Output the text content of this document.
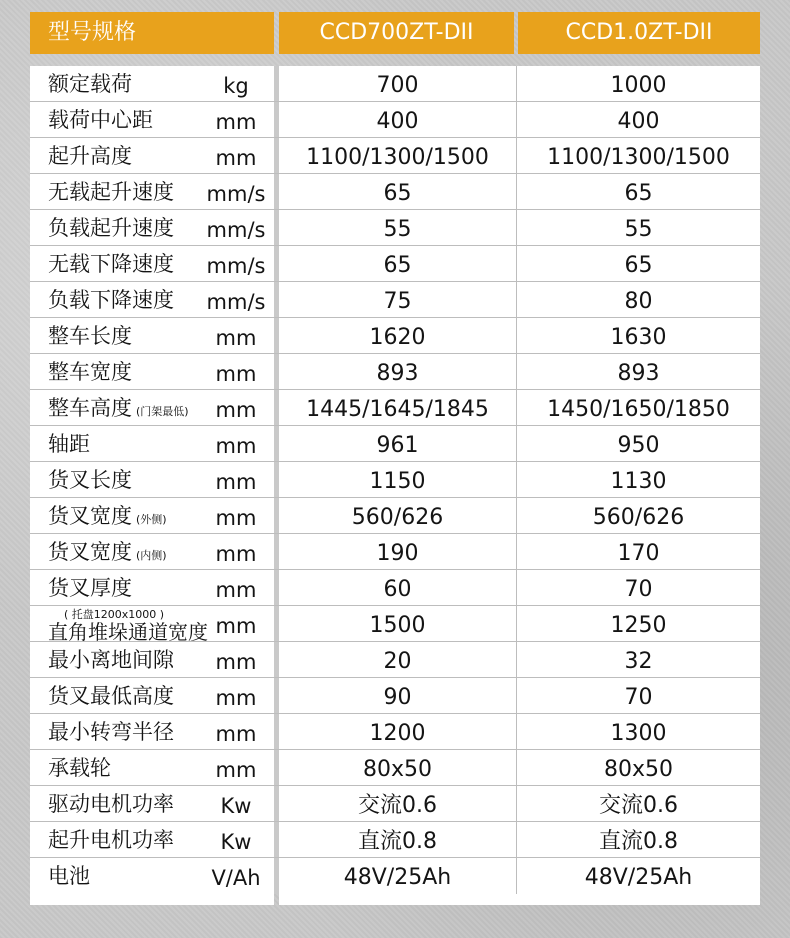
型号规格	CCD700ZT-DII	CCD1.0ZT-DII
额定载荷	kg	700	1000
载荷中心距	mm	400	400
起升高度	mm	1100/1300/1500	1100/1300/1500
无载起升速度	mm/s	65	65
负载起升速度	mm/s	55	55
无载下降速度	mm/s	65	65
负载下降速度	mm/s	75	80
整车长度	mm	1620	1630
整车宽度	mm	893	893
整车高度 (门架最低)	mm	1445/1645/1845	1450/1650/1850
轴距	mm	961	950
货叉长度	mm	1150	1130
货叉宽度 (外侧)	mm	560/626	560/626
货叉宽度 (内侧)	mm	190	170
货叉厚度	mm	60	70
( 托盘1200x1000 )
直角堆垛通道宽度 mm	1500	1250
最小离地间隙	mm	20	32
货叉最低高度	mm	90	70
最小转弯半径	mm	1200	1300
承载轮	mm	80x50	80x50
驱动电机功率	Kw	交流0.6	交流0.6
起升电机功率	Kw	直流0.8	直流0.8
电池	V/Ah	48V/25Ah	48V/25Ah
